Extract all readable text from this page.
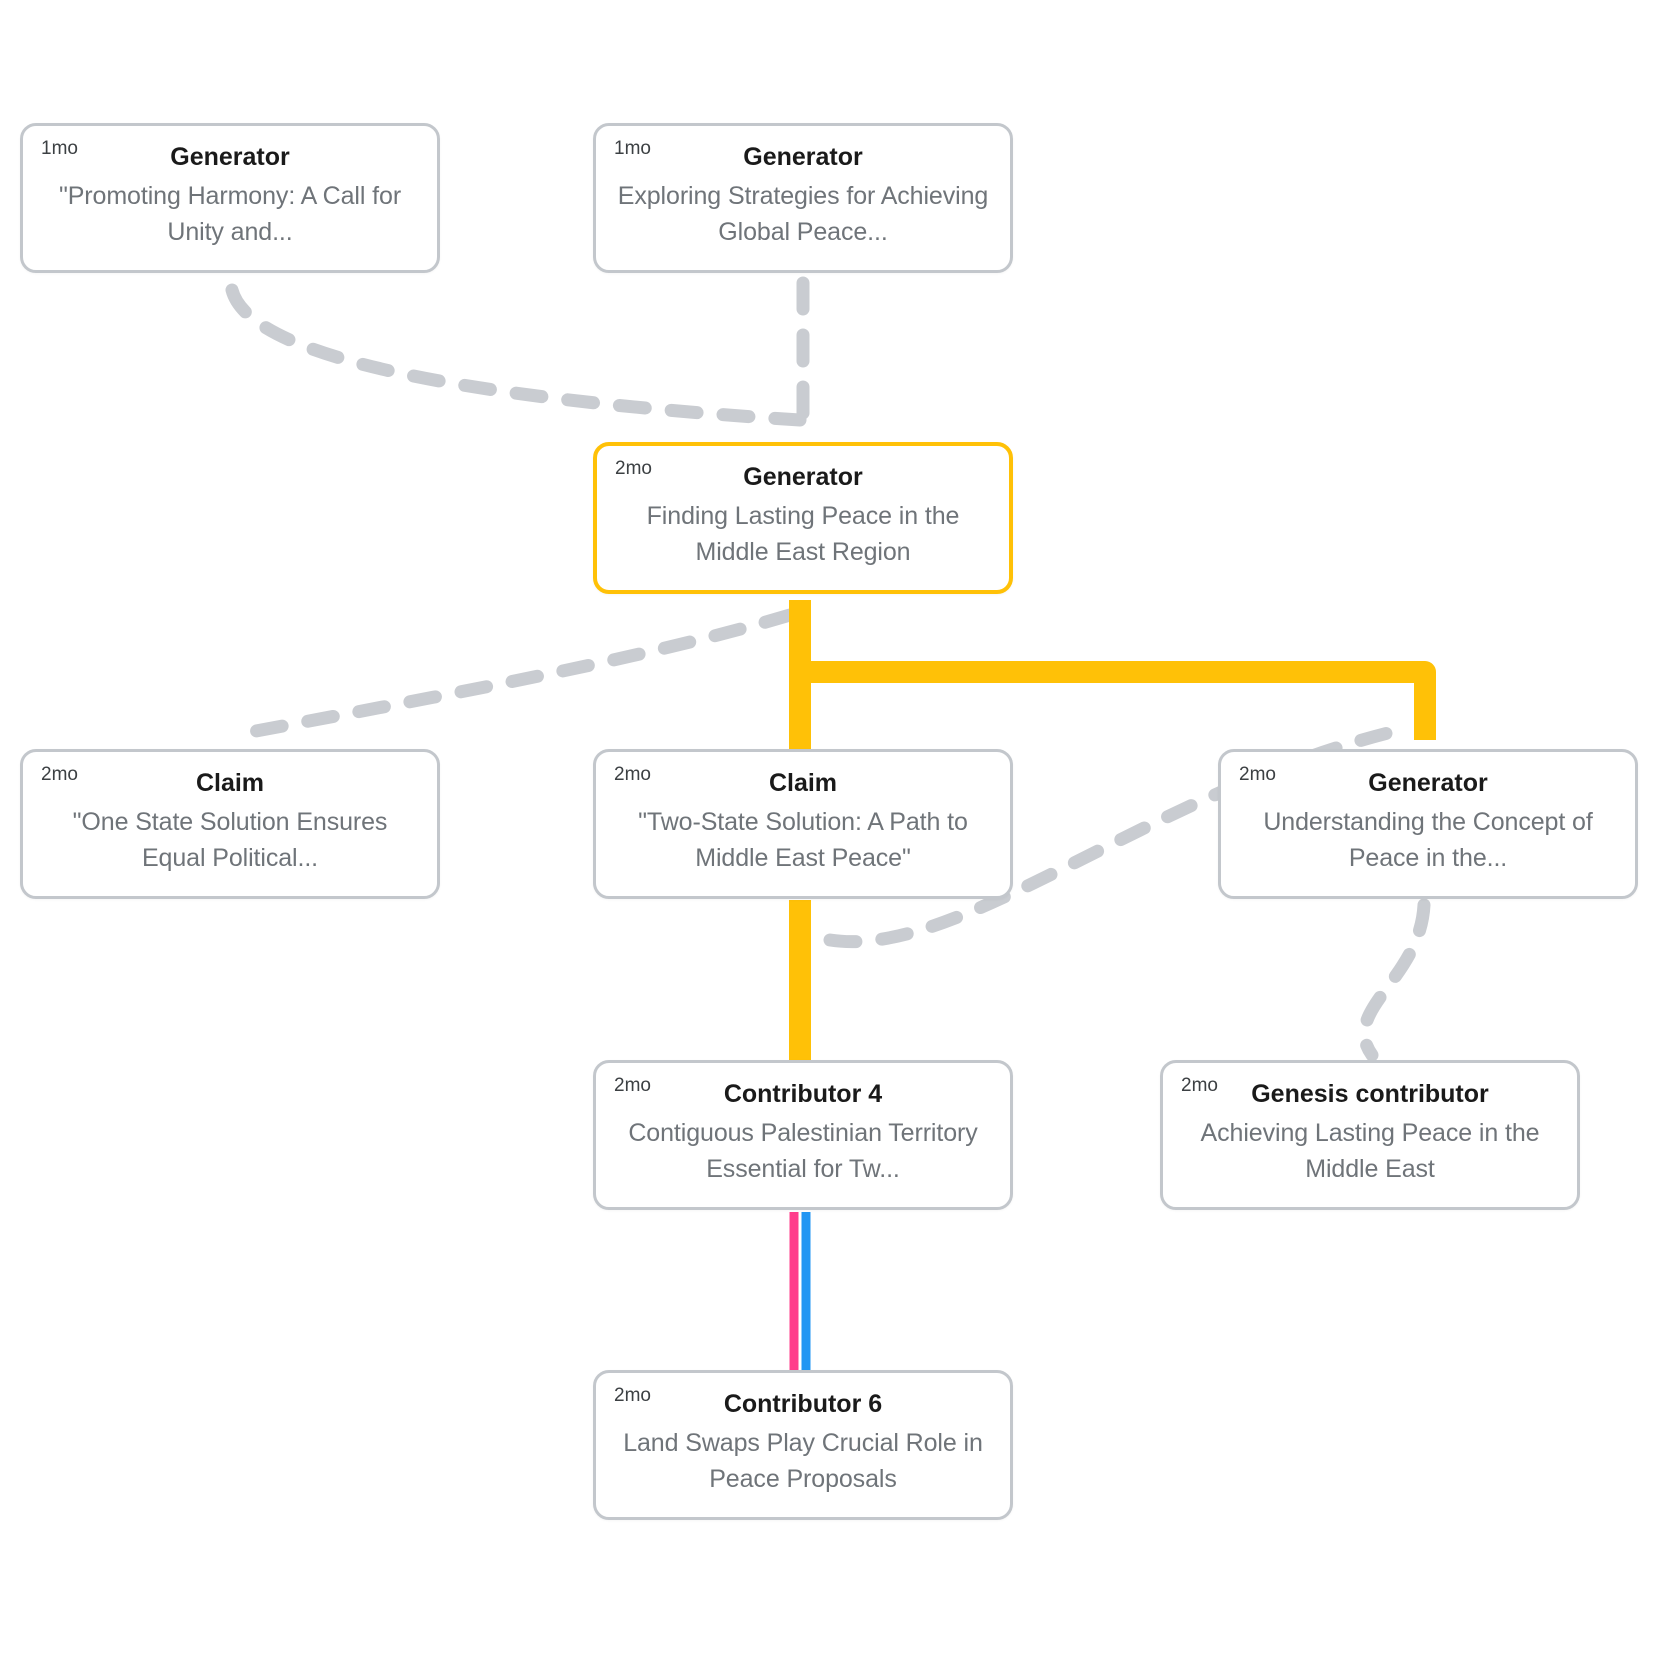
1mo	Generator
"Promoting Harmony: A Call for Unity and...
1mo	Generator
Exploring Strategies for Achieving Global Peace...
2mo	Generator
Finding Lasting Peace in the Middle East Region
2mo	Claim
"One State Solution Ensures Equal Political...
2mo	Claim
"Two-State Solution: A Path to Middle East Peace"
2mo	Generator
Understanding the Concept of Peace in the...
2mo	Contributor 4
Contiguous Palestinian Territory Essential for Tw...
2mo	Genesis contributor
Achieving Lasting Peace in the Middle East
2mo	Contributor 6
Land Swaps Play Crucial Role in Peace Proposals
